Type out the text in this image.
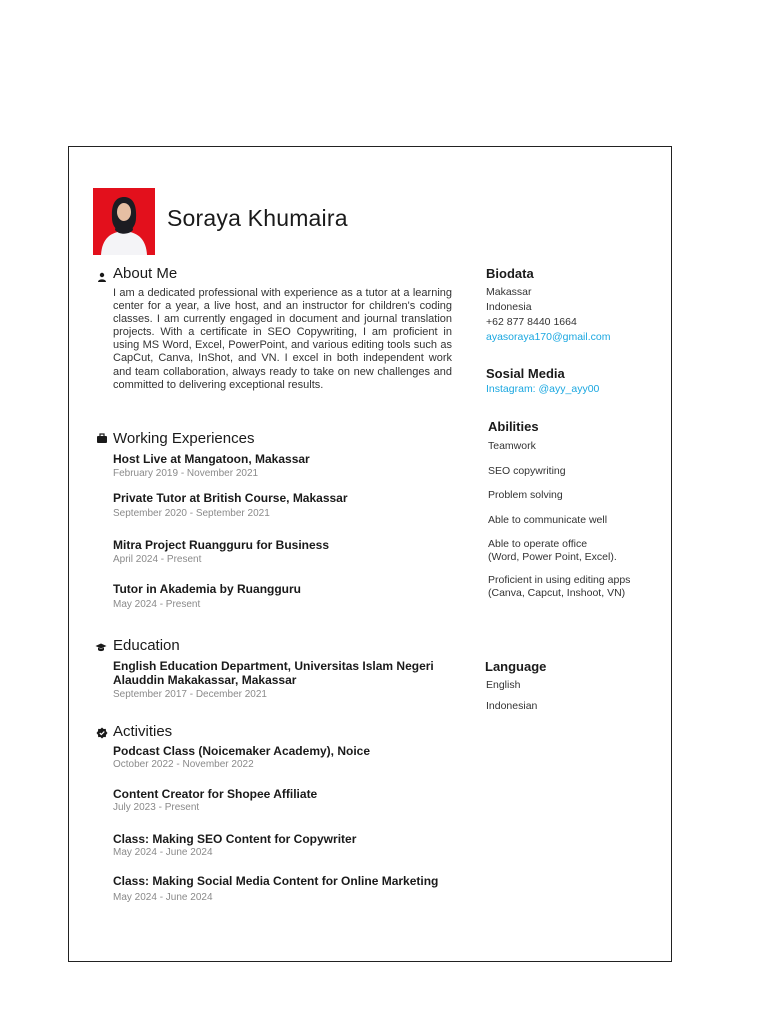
Soraya Khumaira
About Me
I am a dedicated professional with experience as a tutor at a learning center for a year, a live host, and an instructor for children's coding classes. I am currently engaged in document and journal translation projects. With a certificate in SEO Copywriting, I am proficient in using MS Word, Excel, PowerPoint, and various editing tools such as CapCut, Canva, InShot, and VN. I excel in both independent work and team collaboration, always ready to take on new challenges and committed to delivering exceptional results.
Working Experiences
Host Live at Mangatoon, Makassar
February 2019 - November 2021
Private Tutor at British Course, Makassar
September 2020 - September 2021
Mitra Project Ruangguru for Business
April 2024 - Present
Tutor in Akademia by Ruangguru
May 2024 - Present
Education
English Education Department, Universitas Islam Negeri
Alauddin Makakassar, Makassar
September 2017 - December 2021
Activities
Podcast Class (Noicemaker Academy), Noice
October 2022 - November 2022
Content Creator for Shopee Affiliate
July 2023 - Present
Class: Making SEO Content for Copywriter
May 2024 - June 2024
Class: Making Social Media Content for Online Marketing
May 2024 - June 2024
Biodata
Makassar
Indonesia
+62 877 8440 1664
ayasoraya170@gmail.com
Sosial Media
Instagram: @ayy_ayy00
Abilities
Teamwork
SEO copywriting
Problem solving
Able to communicate well
Able to operate office
(Word, Power Point, Excel).
Proficient in using editing apps
(Canva, Capcut, Inshoot, VN)
Language
English
Indonesian
